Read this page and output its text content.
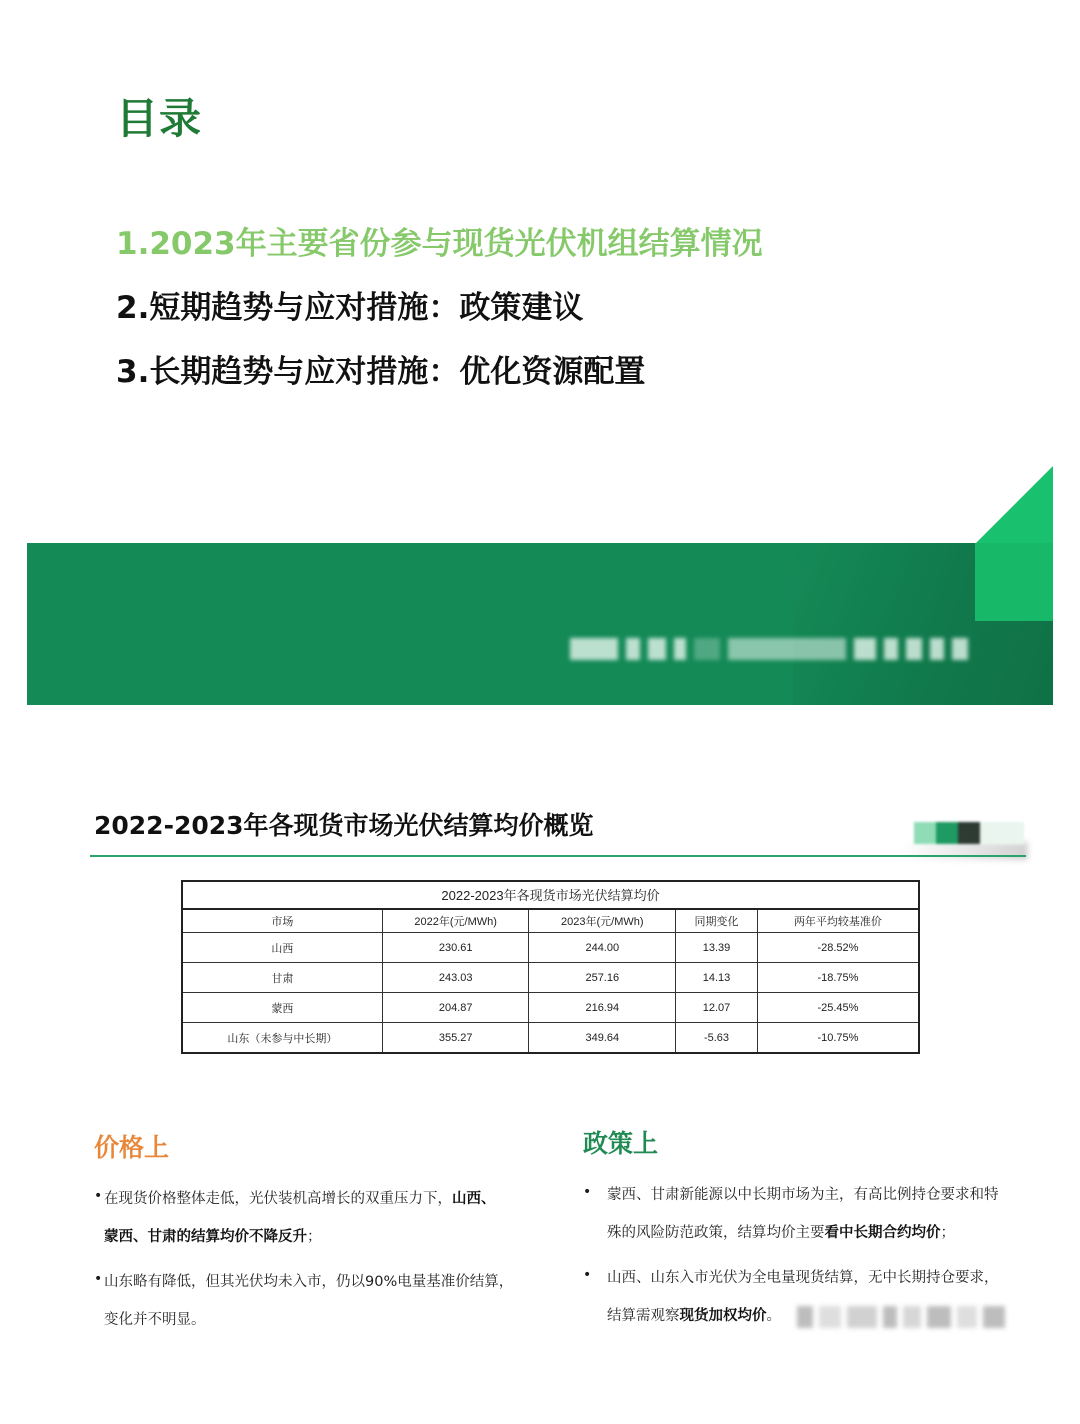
目录
1.2023年主要省份参与现货光伏机组结算情况
2.短期趋势与应对措施：政策建议
3.长期趋势与应对措施：优化资源配置
2022-2023年各现货市场光伏结算均价概览
2022-2023年各现货市场光伏结算均价
市场	2022年(元/MWh)	2023年(元/MWh)	同期变化	两年平均较基准价
山西	230.61	244.00	13.39	-28.52%
甘肃	243.03	257.16	14.13	-18.75%
蒙西	204.87	216.94	12.07	-25.45%
山东（未参与中长期）	355.27	349.64	-5.63	-10.75%
价格上
• 在现货价格整体走低，光伏装机高增长的双重压力下，山西、
蒙西、甘肃的结算均价不降反升；
• 山东略有降低，但其光伏均未入市，仍以90%电量基准价结算，
变化并不明显。
政策上
• 蒙西、甘肃新能源以中长期市场为主，有高比例持仓要求和特
殊的风险防范政策，结算均价主要看中长期合约均价；
• 山西、山东入市光伏为全电量现货结算，无中长期持仓要求，
结算需观察现货加权均价。
